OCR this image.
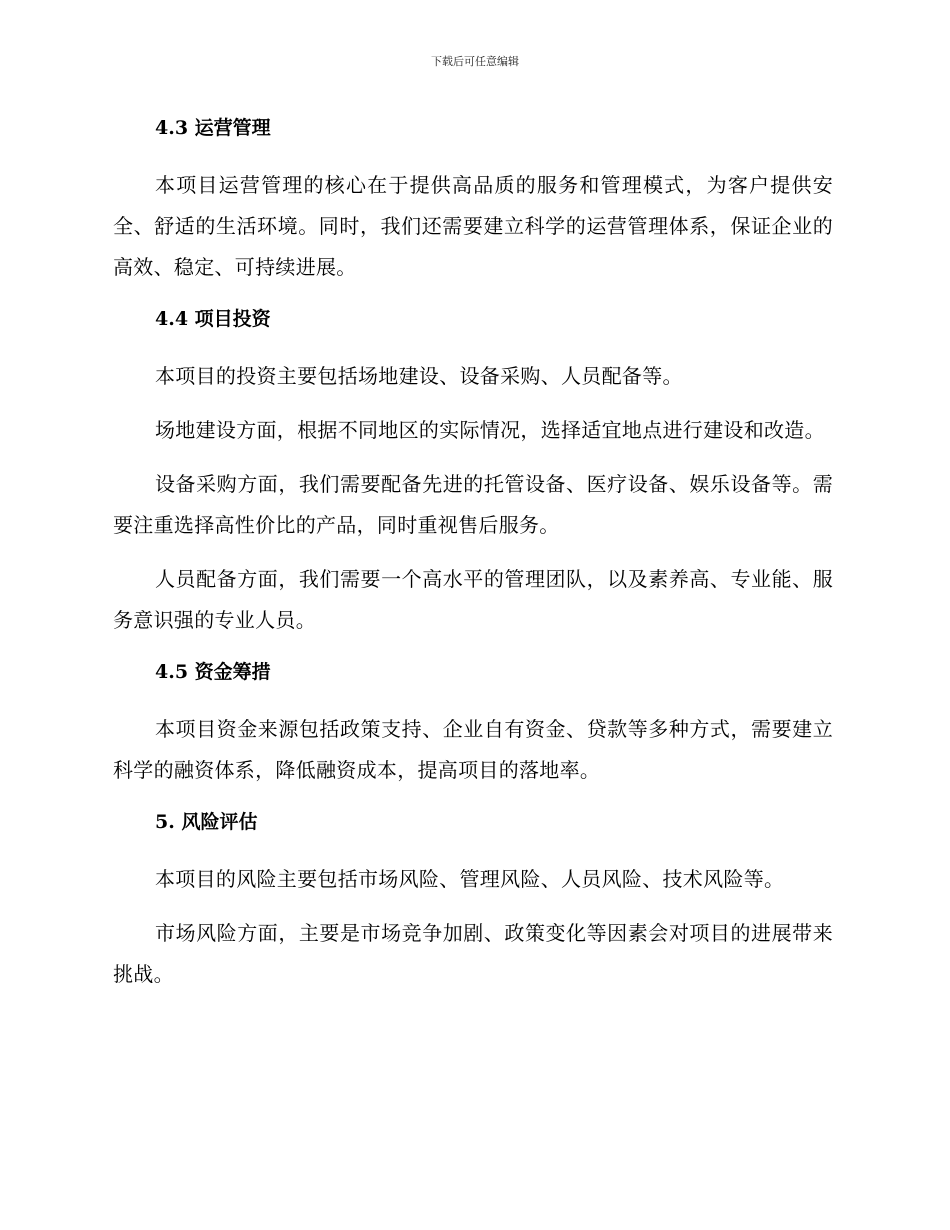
下载后可任意编辑
4.3 运营管理

本项目运营管理的核心在于提供高品质的服务和管理模式，为客户提供安全、舒适的生活环境。同时，我们还需要建立科学的运营管理体系，保证企业的高效、稳定、可持续进展。

4.4 项目投资

本项目的投资主要包括场地建设、设备采购、人员配备等。

场地建设方面，根据不同地区的实际情况，选择适宜地点进行建设和改造。

设备采购方面，我们需要配备先进的托管设备、医疗设备、娱乐设备等。需要注重选择高性价比的产品，同时重视售后服务。

人员配备方面，我们需要一个高水平的管理团队，以及素养高、专业能、服务意识强的专业人员。

4.5 资金筹措

本项目资金来源包括政策支持、企业自有资金、贷款等多种方式，需要建立科学的融资体系，降低融资成本，提高项目的落地率。

5. 风险评估

本项目的风险主要包括市场风险、管理风险、人员风险、技术风险等。

市场风险方面，主要是市场竞争加剧、政策变化等因素会对项目的进展带来挑战。
